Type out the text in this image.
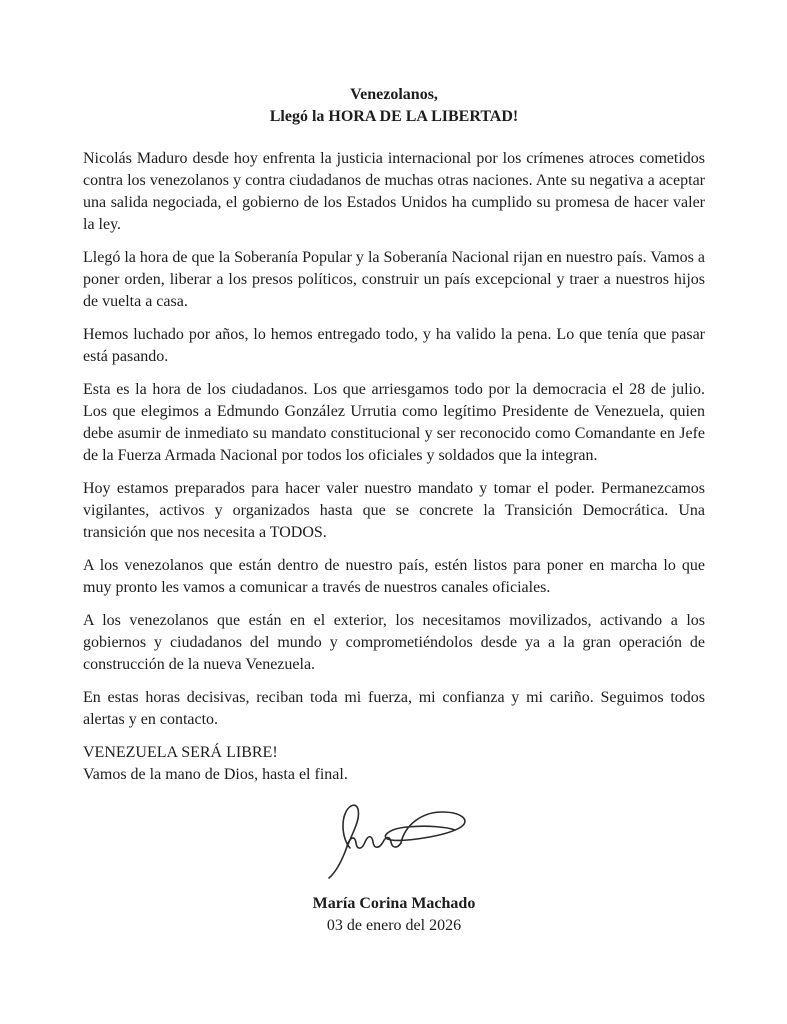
Venezolanos,
Llegó la HORA DE LA LIBERTAD!

Nicolás Maduro desde hoy enfrenta la justicia internacional por los crímenes atroces cometidos contra los venezolanos y contra ciudadanos de muchas otras naciones. Ante su negativa a aceptar una salida negociada, el gobierno de los Estados Unidos ha cumplido su promesa de hacer valer la ley.

Llegó la hora de que la Soberanía Popular y la Soberanía Nacional rijan en nuestro país. Vamos a poner orden, liberar a los presos políticos, construir un país excepcional y traer a nuestros hijos de vuelta a casa.

Hemos luchado por años, lo hemos entregado todo, y ha valido la pena. Lo que tenía que pasar está pasando.

Esta es la hora de los ciudadanos. Los que arriesgamos todo por la democracia el 28 de julio. Los que elegimos a Edmundo González Urrutia como legítimo Presidente de Venezuela, quien debe asumir de inmediato su mandato constitucional y ser reconocido como Comandante en Jefe de la Fuerza Armada Nacional por todos los oficiales y soldados que la integran.

Hoy estamos preparados para hacer valer nuestro mandato y tomar el poder. Permanezcamos vigilantes, activos y organizados hasta que se concrete la Transición Democrática. Una transición que nos necesita a TODOS.

A los venezolanos que están dentro de nuestro país, estén listos para poner en marcha lo que muy pronto les vamos a comunicar a través de nuestros canales oficiales.

A los venezolanos que están en el exterior, los necesitamos movilizados, activando a los gobiernos y ciudadanos del mundo y comprometiéndolos desde ya a la gran operación de construcción de la nueva Venezuela.

En estas horas decisivas, reciban toda mi fuerza, mi confianza y mi cariño. Seguimos todos alertas y en contacto.

VENEZUELA SERÁ LIBRE!

Vamos de la mano de Dios, hasta el final.

María Corina Machado
03 de enero del 2026
